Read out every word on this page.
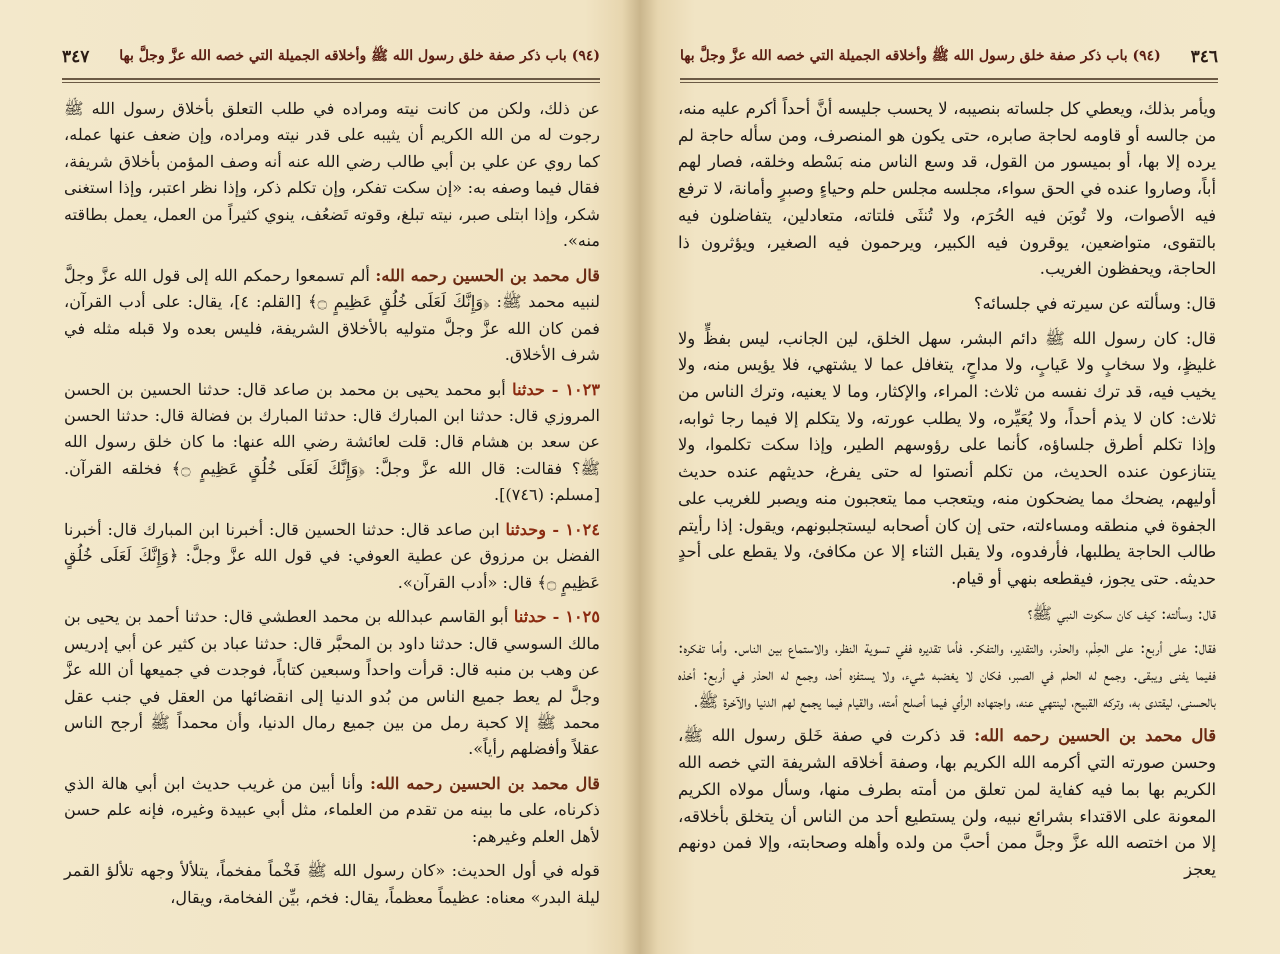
(٩٤) باب ذكر صفة خلق رسول الله ﷺ وأخلاقه الجميلة التي خصه الله عزَّ وجلَّ بها
٣٤٧

عن ذلك، ولكن من كانت نيته ومراده في طلب التعلق بأخلاق رسول الله ﷺ رجوت له من الله الكريم أن يثيبه على قدر نيته ومراده، وإن ضعف عنها عمله، كما روي عن علي بن أبي طالب رضي الله عنه أنه وصف المؤمن بأخلاق شريفة، فقال فيما وصفه به: «إن سكت تفكر، وإن تكلم ذكر، وإذا نظر اعتبر، وإذا استغنى شكر، وإذا ابتلى صبر، نيته تبلغ، وقوته تَضعُف، ينوي كثيراً من العمل، يعمل بطاقته منه».

قال محمد بن الحسين رحمه الله: ألم تسمعوا رحمكم الله إلى قول الله عزَّ وجلَّ لنبيه محمد ﷺ: ﴿وَإِنَّكَ لَعَلَى خُلُقٍ عَظِيمٍ ۝﴾ [القلم: ٤]، يقال: على أدب القرآن، فمن كان الله عزَّ وجلَّ متوليه بالأخلاق الشريفة، فليس بعده ولا قبله مثله في شرف الأخلاق.

١٠٢٣ - حدثنا أبو محمد يحيى بن محمد بن صاعد قال: حدثنا الحسين بن الحسن المروزي قال: حدثنا ابن المبارك قال: حدثنا المبارك بن فضالة قال: حدثنا الحسن عن سعد بن هشام قال: قلت لعائشة رضي الله عنها: ما كان خلق رسول الله ﷺ؟ فقالت: قال الله عزَّ وجلَّ: ﴿وَإِنَّكَ لَعَلَى خُلُقٍ عَظِيمٍ ۝﴾ فخلقه القرآن. [مسلم: (٧٤٦)].

١٠٢٤ - وحدثنا ابن صاعد قال: حدثنا الحسين قال: أخبرنا ابن المبارك قال: أخبرنا الفضل بن مرزوق عن عطية العوفي: في قول الله عزَّ وجلَّ: ﴿وَإِنَّكَ لَعَلَى خُلُقٍ عَظِيمٍ ۝﴾ قال: «أدب القرآن».

١٠٢٥ - حدثنا أبو القاسم عبدالله بن محمد العطشي قال: حدثنا أحمد بن يحيى بن مالك السوسي قال: حدثنا داود بن المحبَّر قال: حدثنا عباد بن كثير عن أبي إدريس عن وهب بن منبه قال: قرأت واحداً وسبعين كتاباً، فوجدت في جميعها أن الله عزَّ وجلَّ لم يعط جميع الناس من بُدو الدنيا إلى انقضائها من العقل في جنب عقل محمد ﷺ إلا كحبة رمل من بين جميع رمال الدنيا، وأن محمداً ﷺ أرجح الناس عقلاً وأفضلهم رأياً».

قال محمد بن الحسين رحمه الله: وأنا أبين من غريب حديث ابن أبي هالة الذي ذكرناه، على ما بينه من تقدم من العلماء، مثل أبي عبيدة وغيره، فإنه علم حسن لأهل العلم وغيرهم:

قوله في أول الحديث: «كان رسول الله ﷺ فَخْماً مفخماً، يتلألأ وجهه تلألؤ القمر ليلة البدر» معناه: عظيماً معظماً، يقال: فخم، بيِّن الفخامة، ويقال،

٣٤٦
(٩٤) باب ذكر صفة خلق رسول الله ﷺ وأخلاقه الجميلة التي خصه الله عزَّ وجلَّ بها

ويأمر بذلك، ويعطي كل جلساته بنصيبه، لا يحسب جليسه أنَّ أحداً أكرم عليه منه، من جالسه أو قاومه لحاجة صابره، حتى يكون هو المنصرف، ومن سأله حاجة لم يرده إلا بها، أو بميسور من القول، قد وسع الناس منه بَسْطه وخلقه، فصار لهم أباً، وصاروا عنده في الحق سواء، مجلسه مجلس حلم وحياءٍ وصبرٍ وأمانة، لا ترفع فيه الأصوات، ولا تُوبَن فيه الحُرَم، ولا تُنثَى فلتاته، متعادلين، يتفاضلون فيه بالتقوى، متواضعين، يوقرون فيه الكبير، ويرحمون فيه الصغير، ويؤثرون ذا الحاجة، ويحفظون الغريب.

قال: وسألته عن سيرته في جلسائه؟

قال: كان رسول الله ﷺ دائم البشر، سهل الخلق، لين الجانب، ليس بفظٍّ ولا غليظٍ، ولا سخابٍ ولا عَيابٍ، ولا مداحٍ، يتغافل عما لا يشتهي، فلا يؤيس منه، ولا يخيب فيه، قد ترك نفسه من ثلاث: المراء، والإكثار، وما لا يعنيه، وترك الناس من ثلاث: كان لا يذم أحداً، ولا يُعَيِّره، ولا يطلب عورته، ولا يتكلم إلا فيما رجا ثوابه، وإذا تكلم أطرق جلساؤه، كأنما على رؤوسهم الطير، وإذا سكت تكلموا، ولا يتنازعون عنده الحديث، من تكلم أنصتوا له حتى يفرغ، حديثهم عنده حديث أوليهم، يضحك مما يضحكون منه، ويتعجب مما يتعجبون منه ويصبر للغريب على الجفوة في منطقه ومساءلته، حتى إن كان أصحابه ليستجلبونهم، ويقول: إذا رأيتم طالب الحاجة يطلبها، فأرفدوه، ولا يقبل الثناء إلا عن مكافئ، ولا يقطع على أحدٍ حديثه. حتى يجوز، فيقطعه بنهي أو قيام.

قال: وسألته: كيف كان سكوت النبي ﷺ؟

فقال: على أربع: على الحِلْم، والحذر، والتقدير، والتفكر. فأما تقديره ففي تسوية النظر، والاستماع بين الناس. وأما تفكره: ففيما يفنى ويبقى. وجمع له الحلم في الصبر، فكان لا يغضبه شيء، ولا يستفزه أحد، وجمع له الحذر في أربع: أخذه بالحسنى، ليقتدى به، وتركه القبيح، لينتهي عنه، واجتهاده الرأي فيما أصلح أمته، والقيام فيما يجمع لهم الدنيا والآخرة ﷺ.

قال محمد بن الحسين رحمه الله: قد ذكرت في صفة خَلق رسول الله ﷺ، وحسن صورته التي أكرمه الله الكريم بها، وصفة أخلاقه الشريفة التي خصه الله الكريم بها بما فيه كفاية لمن تعلق من أمته بطرف منها، وسأل مولاه الكريم المعونة على الاقتداء بشرائع نبيه، ولن يستطيع أحد من الناس أن يتخلق بأخلاقه، إلا من اختصه الله عزَّ وجلَّ ممن أحبَّ من ولده وأهله وصحابته، وإلا فمن دونهم يعجز
